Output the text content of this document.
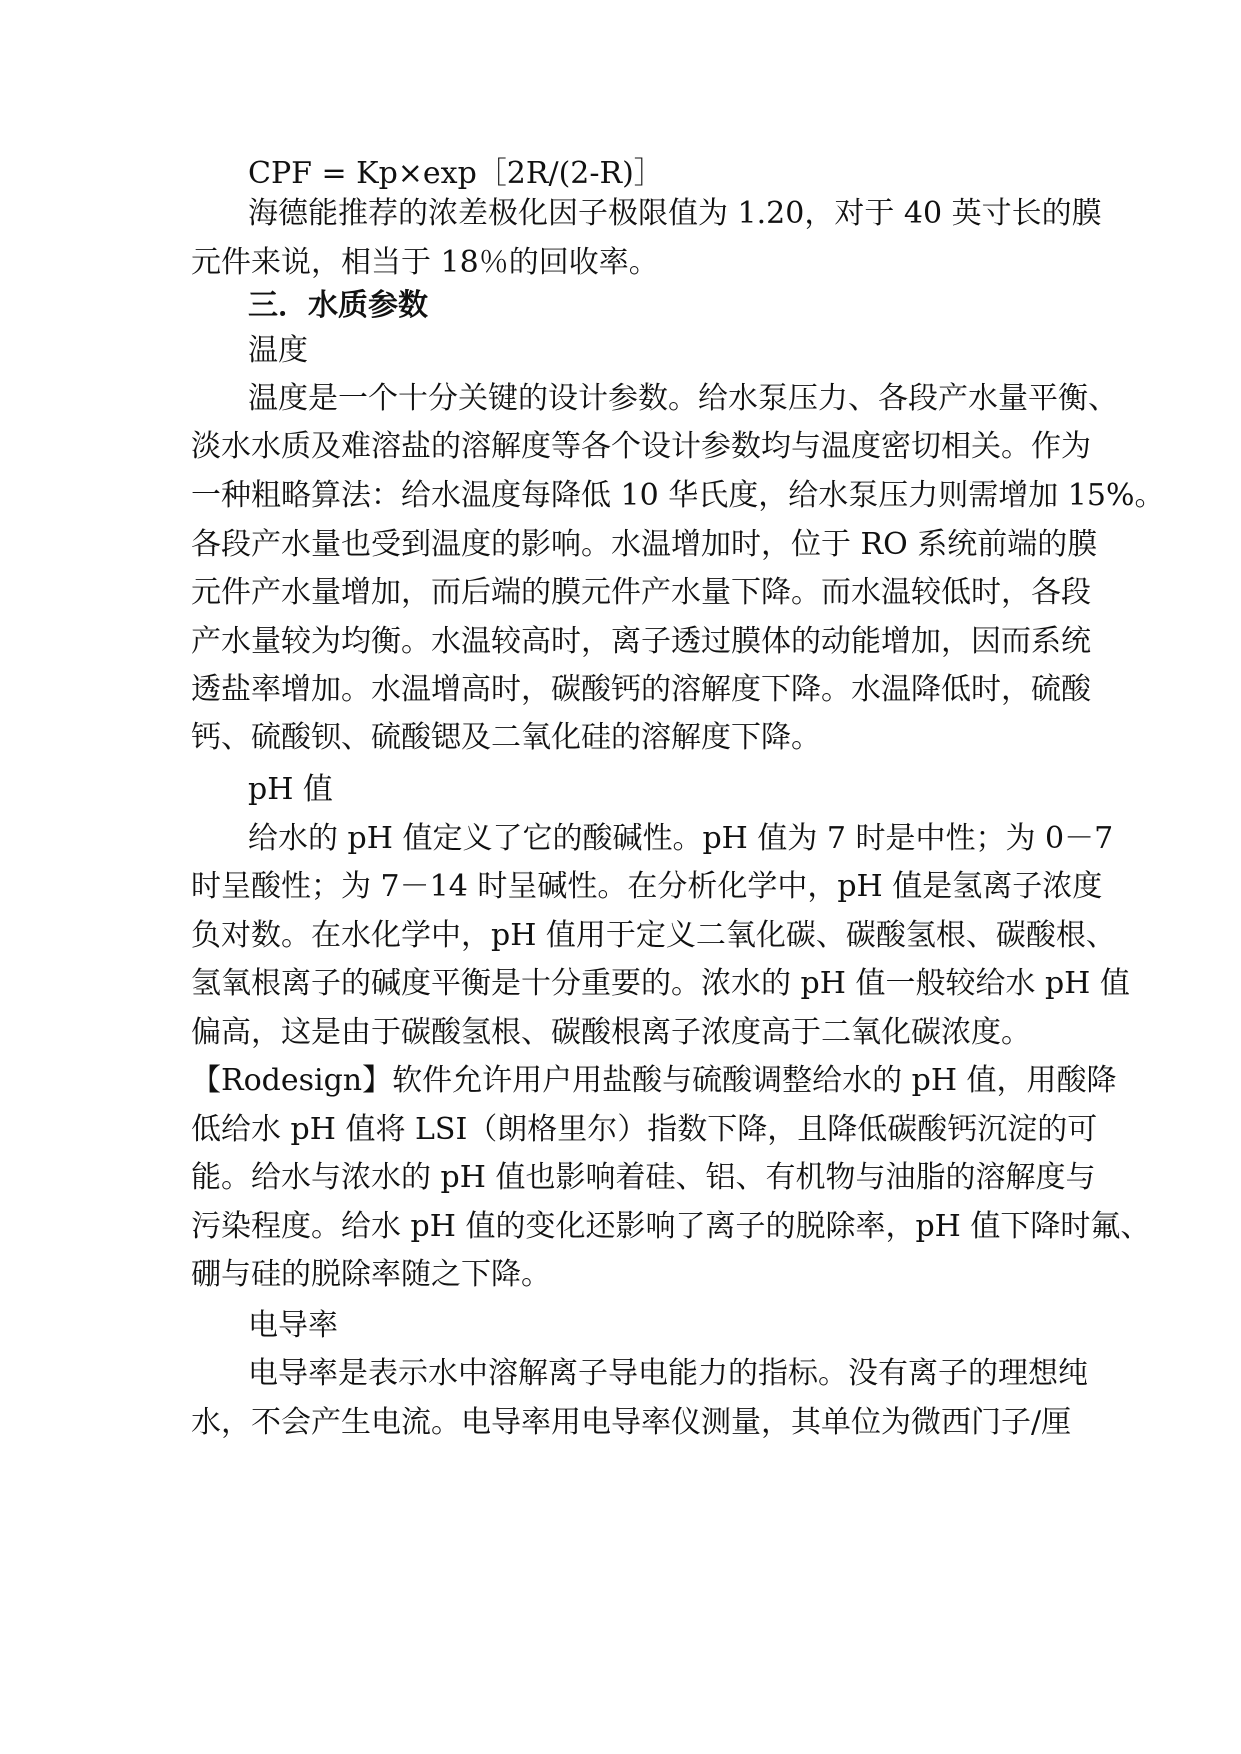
CPF = Kp×exp［2R/(2-R)］
海德能推荐的浓差极化因子极限值为 1.20，对于 40 英寸长的膜
元件来说，相当于 18％的回收率。
三．水质参数
温度
温度是一个十分关键的设计参数。给水泵压力、各段产水量平衡、
淡水水质及难溶盐的溶解度等各个设计参数均与温度密切相关。作为
一种粗略算法：给水温度每降低 10 华氏度，给水泵压力则需增加 15%。
各段产水量也受到温度的影响。水温增加时，位于 RO 系统前端的膜
元件产水量增加，而后端的膜元件产水量下降。而水温较低时，各段
产水量较为均衡。水温较高时，离子透过膜体的动能增加，因而系统
透盐率增加。水温增高时，碳酸钙的溶解度下降。水温降低时，硫酸
钙、硫酸钡、硫酸锶及二氧化硅的溶解度下降。
pH 值
给水的 pH 值定义了它的酸碱性。pH 值为 7 时是中性；为 0－7
时呈酸性；为 7－14 时呈碱性。在分析化学中，pH 值是氢离子浓度
负对数。在水化学中，pH 值用于定义二氧化碳、碳酸氢根、碳酸根、
氢氧根离子的碱度平衡是十分重要的。浓水的 pH 值一般较给水 pH 值
偏高，这是由于碳酸氢根、碳酸根离子浓度高于二氧化碳浓度。
【Rodesign】软件允许用户用盐酸与硫酸调整给水的 pH 值，用酸降
低给水 pH 值将 LSI（朗格里尔）指数下降，且降低碳酸钙沉淀的可
能。给水与浓水的 pH 值也影响着硅、铝、有机物与油脂的溶解度与
污染程度。给水 pH 值的变化还影响了离子的脱除率，pH 值下降时氟、
硼与硅的脱除率随之下降。
电导率
电导率是表示水中溶解离子导电能力的指标。没有离子的理想纯
水，不会产生电流。电导率用电导率仪测量，其单位为微西门子/厘
